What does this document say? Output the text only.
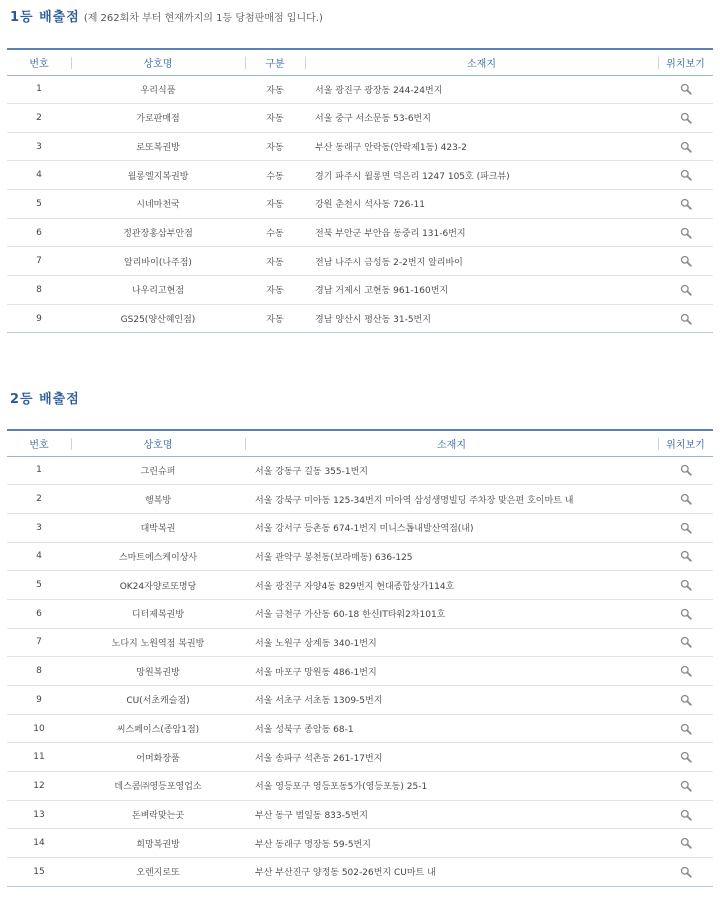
1등 배출점 (제 262회차 부터 현재까지의 1등 당첨판매점 입니다.)
번호	상호명	구분	소재지	위치보기
1	우리식품	자동	서울 광진구 광장동 244-24번지	

2	가로판매점	자동	서울 중구 서소문동 53-6번지	

3	로또복권방	자동	부산 동래구 안락동(안락제1동) 423-2	

4	월롱엘지복권방	수동	경기 파주시 월롱면 덕은리 1247 105호 (파크뷰)	

5	시네마천국	자동	강원 춘천시 석사동 726-11	

6	정관장홍삼부안점	수동	전북 부안군 부안읍 동중리 131-6번지	

7	알리바이(나주점)	자동	전남 나주시 금성동 2-2번지 알리바이	

8	나우리고현점	자동	경남 거제시 고현동 961-160번지	

9	GS25(양산혜인점)	자동	경남 양산시 평산동 31-5번지	
2등 배출점
번호	상호명	소재지	위치보기
1	그린슈퍼	서울 강동구 길동 355-1번지	

2	행복방	서울 강북구 미아동 125-34번지 미아역 삼성생명빌딩 주차장 맞은편 호이마트 내	

3	대박복권	서울 강서구 등촌동 674-1번지 미니스톱내발산역점(내)	

4	스마트에스케이상사	서울 관악구 봉천동(보라매동) 636-125	

5	OK24자양로또명당	서울 광진구 자양4동 829번지 현대종합상가114호	

6	디터제복권방	서울 금천구 가산동 60-18 한신IT타워2차101호	

7	노다지 노원역점 복권방	서울 노원구 상계동 340-1번지	

8	망원복권방	서울 마포구 망원동 486-1번지	

9	CU(서초캐슬점)	서울 서초구 서초동 1309-5번지	

10	씨스페이스(종암1점)	서울 성북구 종암동 68-1	

11	어머화장품	서울 송파구 석촌동 261-17번지	

12	데스콤㈜영등포영업소	서울 영등포구 영등포동5가(영등포동) 25-1	

13	돈벼락맞는곳	부산 동구 범일동 833-5번지	

14	희망복권방	부산 동래구 명장동 59-5번지	

15	오렌지로또	부산 부산진구 양정동 502-26번지 CU마트 내	
